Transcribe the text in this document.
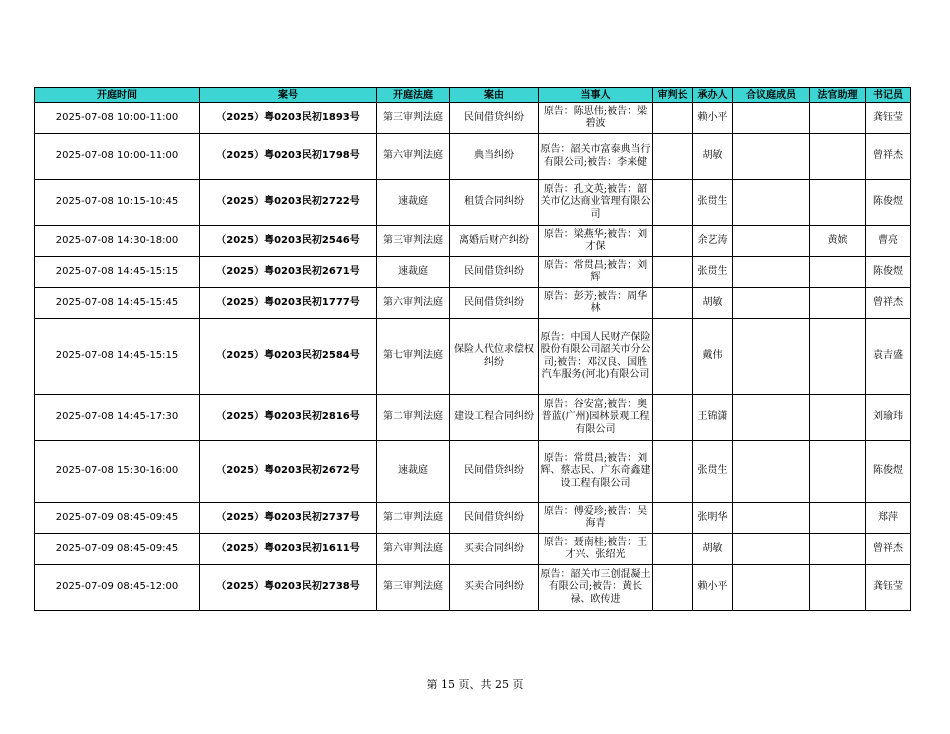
开庭时间	案号	开庭法庭	案由	当事人	审判长	承办人	合议庭成员	法官助理	书记员
2025-07-08 10:00-11:00	（2025）粤0203民初1893号	第三审判法庭	民间借贷纠纷	原告：陈思伟;被告：梁碧波		赖小平			龚钰莹
2025-07-08 10:00-11:00	（2025）粤0203民初1798号	第六审判法庭	典当纠纷	原告：韶关市富泰典当行有限公司;被告：李来健		胡敏			曾祥杰
2025-07-08 10:15-10:45	（2025）粤0203民初2722号	速裁庭	租赁合同纠纷	原告：孔文英;被告：韶关市亿达商业管理有限公司		张贯生			陈俊煜
2025-07-08 14:30-18:00	（2025）粤0203民初2546号	第三审判法庭	离婚后财产纠纷	原告：梁燕华;被告：刘才保		余艺涛		黄嫔	曹亮
2025-07-08 14:45-15:15	（2025）粤0203民初2671号	速裁庭	民间借贷纠纷	原告：常贯昌;被告：刘辉		张贯生			陈俊煜
2025-07-08 14:45-15:45	（2025）粤0203民初1777号	第六审判法庭	民间借贷纠纷	原告：彭芳;被告：周华林		胡敏			曾祥杰
2025-07-08 14:45-15:15	（2025）粤0203民初2584号	第七审判法庭	保险人代位求偿权纠纷	原告：中国人民财产保险股份有限公司韶关市分公司;被告：邓汉良、国胜汽车服务(河北)有限公司		戴伟			袁吉盛
2025-07-08 14:45-17:30	（2025）粤0203民初2816号	第二审判法庭	建设工程合同纠纷	原告：谷安富;被告：奥普蓝(广州)园林景观工程有限公司		王锦潇			刘瑜玮
2025-07-08 15:30-16:00	（2025）粤0203民初2672号	速裁庭	民间借贷纠纷	原告：常贯昌;被告：刘辉、蔡志民、广东奇鑫建设工程有限公司		张贯生			陈俊煜
2025-07-09 08:45-09:45	（2025）粤0203民初2737号	第二审判法庭	民间借贷纠纷	原告：傅爱珍;被告：吴海青		张明华			郑萍
2025-07-09 08:45-09:45	（2025）粤0203民初1611号	第六审判法庭	买卖合同纠纷	原告：聂南桂;被告：王才兴、张绍光		胡敏			曾祥杰
2025-07-09 08:45-12:00	（2025）粤0203民初2738号	第三审判法庭	买卖合同纠纷	原告：韶关市三创混凝土有限公司;被告：黄长禄、欧传进		赖小平			龚钰莹
第 15 页、共 25 页
